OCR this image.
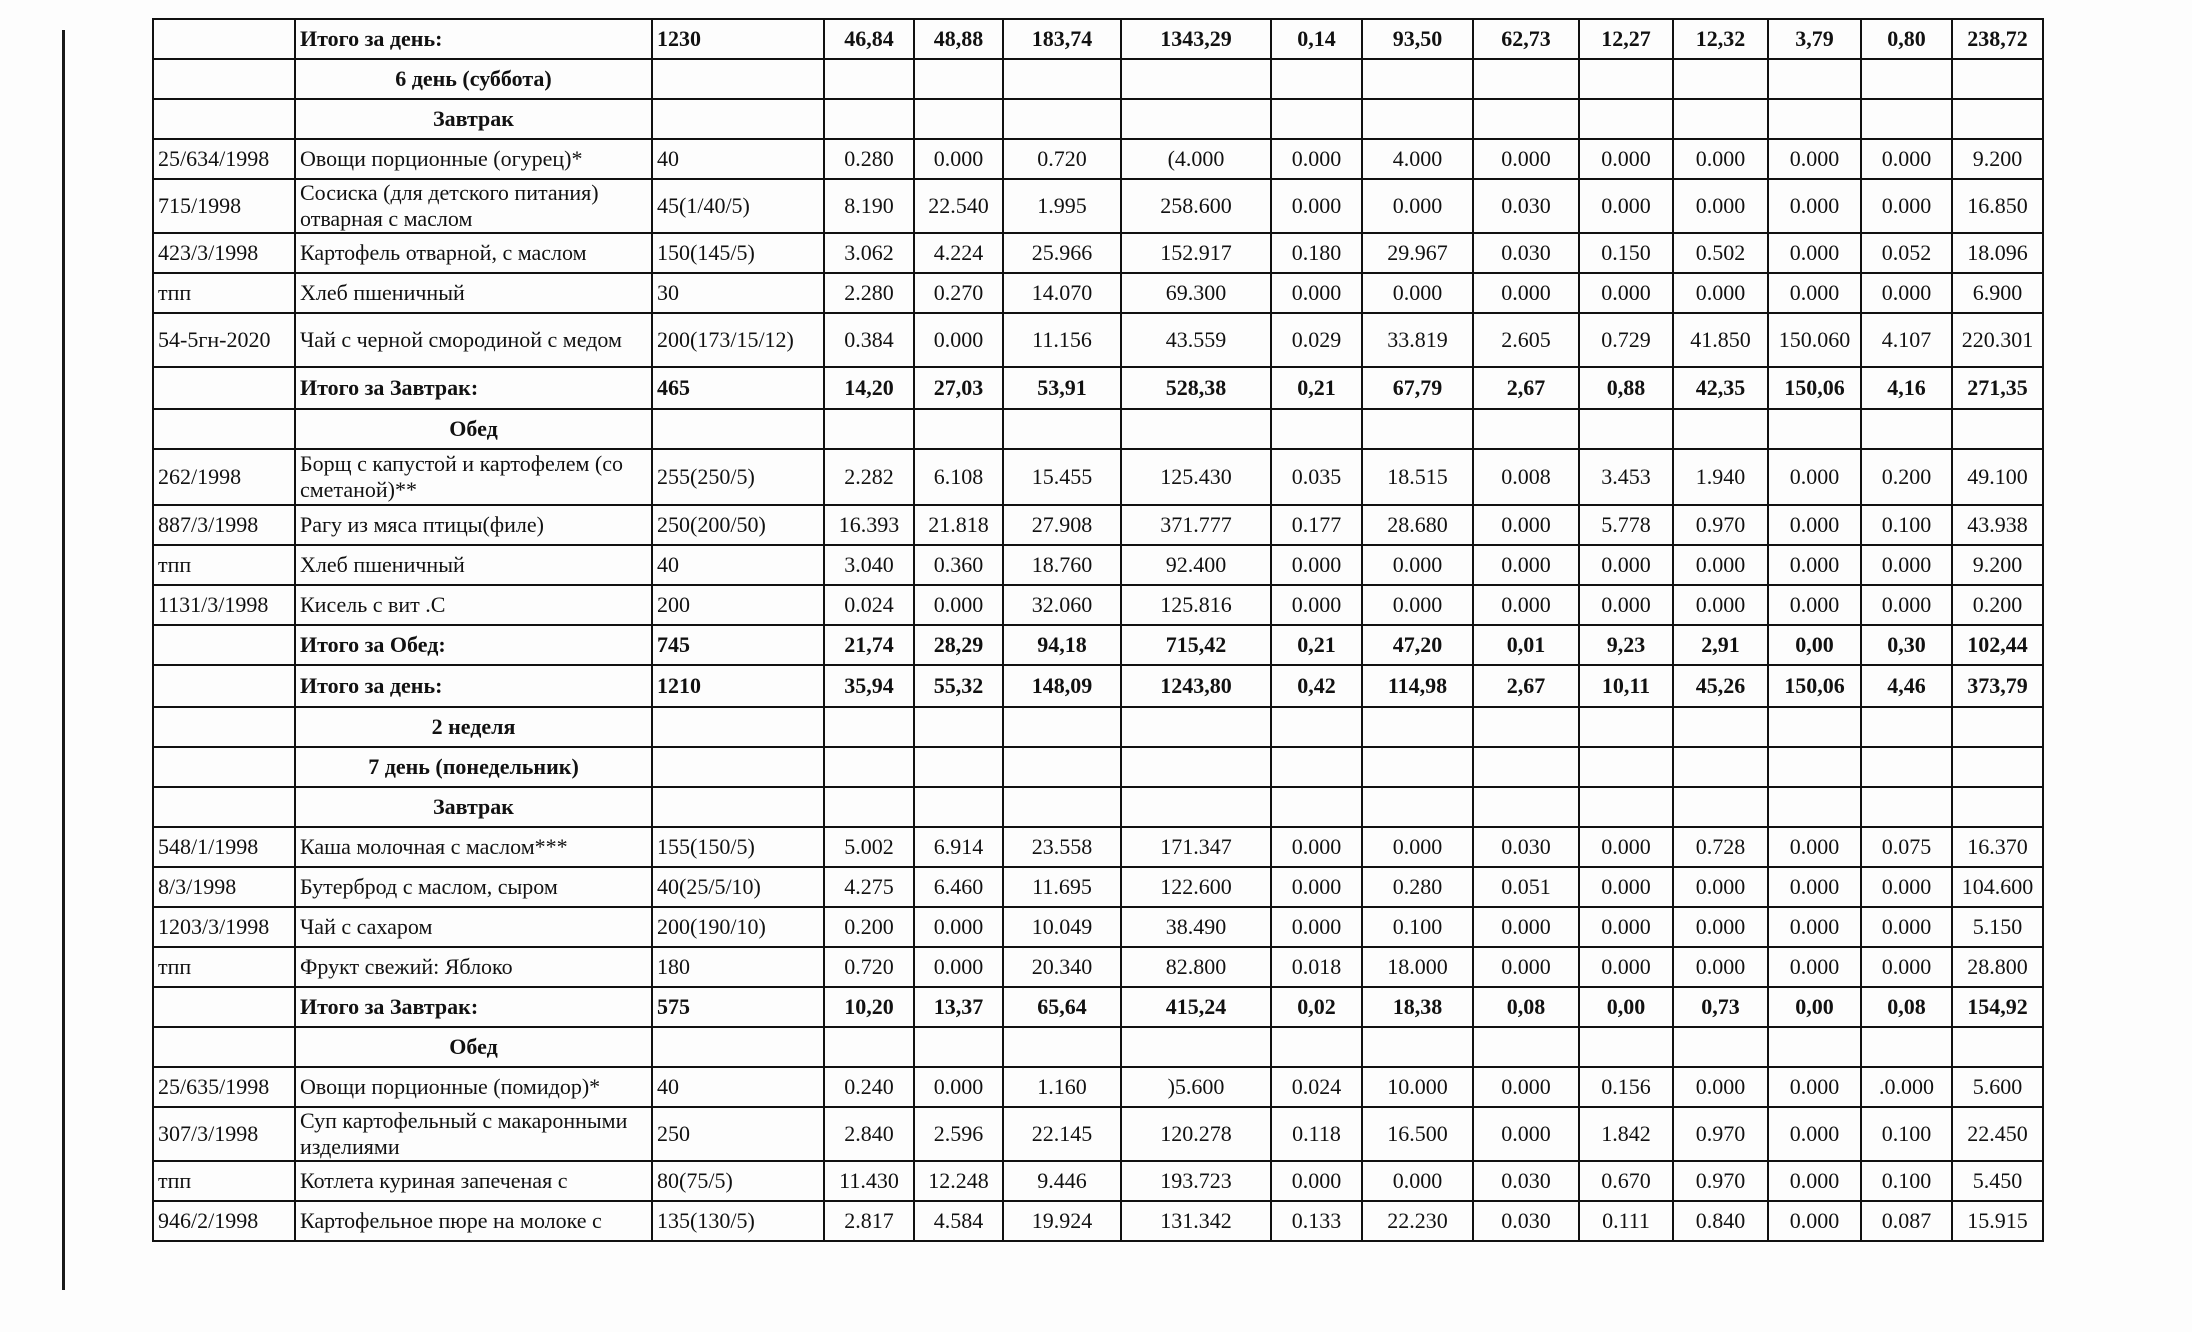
	Итого за день:	1230	46,84	48,88	183,74	1343,29	0,14	93,50	62,73	12,27	12,32	3,79	0,80	238,72
	6 день (суббота)													
	Завтрак													
25/634/1998	Овощи порционные (огурец)*	40	0.280	0.000	0.720	(4.000	0.000	4.000	0.000	0.000	0.000	0.000	0.000	9.200
715/1998	Сосиска (для детского питания) отварная с маслом	45(1/40/5)	8.190	22.540	1.995	258.600	0.000	0.000	0.030	0.000	0.000	0.000	0.000	16.850
423/3/1998	Картофель отварной, с маслом	150(145/5)	3.062	4.224	25.966	152.917	0.180	29.967	0.030	0.150	0.502	0.000	0.052	18.096
тпп	Хлеб пшеничный	30	2.280	0.270	14.070	69.300	0.000	0.000	0.000	0.000	0.000	0.000	0.000	6.900
54-5гн-2020	Чай с черной смородиной с медом	200(173/15/12)	0.384	0.000	11.156	43.559	0.029	33.819	2.605	0.729	41.850	150.060	4.107	220.301
	Итого за Завтрак:	465	14,20	27,03	53,91	528,38	0,21	67,79	2,67	0,88	42,35	150,06	4,16	271,35
	Обед													
262/1998	Борщ с капустой и картофелем (со сметаной)**	255(250/5)	2.282	6.108	15.455	125.430	0.035	18.515	0.008	3.453	1.940	0.000	0.200	49.100
887/3/1998	Рагу из мяса птицы(филе)	250(200/50)	16.393	21.818	27.908	371.777	0.177	28.680	0.000	5.778	0.970	0.000	0.100	43.938
тпп	Хлеб пшеничный	40	3.040	0.360	18.760	92.400	0.000	0.000	0.000	0.000	0.000	0.000	0.000	9.200
1131/3/1998	Кисель с вит .С	200	0.024	0.000	32.060	125.816	0.000	0.000	0.000	0.000	0.000	0.000	0.000	0.200
	Итого за Обед:	745	21,74	28,29	94,18	715,42	0,21	47,20	0,01	9,23	2,91	0,00	0,30	102,44
	Итого за день:	1210	35,94	55,32	148,09	1243,80	0,42	114,98	2,67	10,11	45,26	150,06	4,46	373,79
	2 неделя													
	7 день (понедельник)													
	Завтрак													
548/1/1998	Каша молочная с маслом***	155(150/5)	5.002	6.914	23.558	171.347	0.000	0.000	0.030	0.000	0.728	0.000	0.075	16.370
8/3/1998	Бутерброд с маслом, сыром	40(25/5/10)	4.275	6.460	11.695	122.600	0.000	0.280	0.051	0.000	0.000	0.000	0.000	104.600
1203/3/1998	Чай с сахаром	200(190/10)	0.200	0.000	10.049	38.490	0.000	0.100	0.000	0.000	0.000	0.000	0.000	5.150
тпп	Фрукт свежий: Яблоко	180	0.720	0.000	20.340	82.800	0.018	18.000	0.000	0.000	0.000	0.000	0.000	28.800
	Итого за Завтрак:	575	10,20	13,37	65,64	415,24	0,02	18,38	0,08	0,00	0,73	0,00	0,08	154,92
	Обед													
25/635/1998	Овощи порционные (помидор)*	40	0.240	0.000	1.160	)5.600	0.024	10.000	0.000	0.156	0.000	0.000	.0.000	5.600
307/3/1998	Суп картофельный с макаронными изделиями	250	2.840	2.596	22.145	120.278	0.118	16.500	0.000	1.842	0.970	0.000	0.100	22.450
тпп	Котлета куриная запеченая с	80(75/5)	11.430	12.248	9.446	193.723	0.000	0.000	0.030	0.670	0.970	0.000	0.100	5.450
946/2/1998	Картофельное пюре на молоке с	135(130/5)	2.817	4.584	19.924	131.342	0.133	22.230	0.030	0.111	0.840	0.000	0.087	15.915
